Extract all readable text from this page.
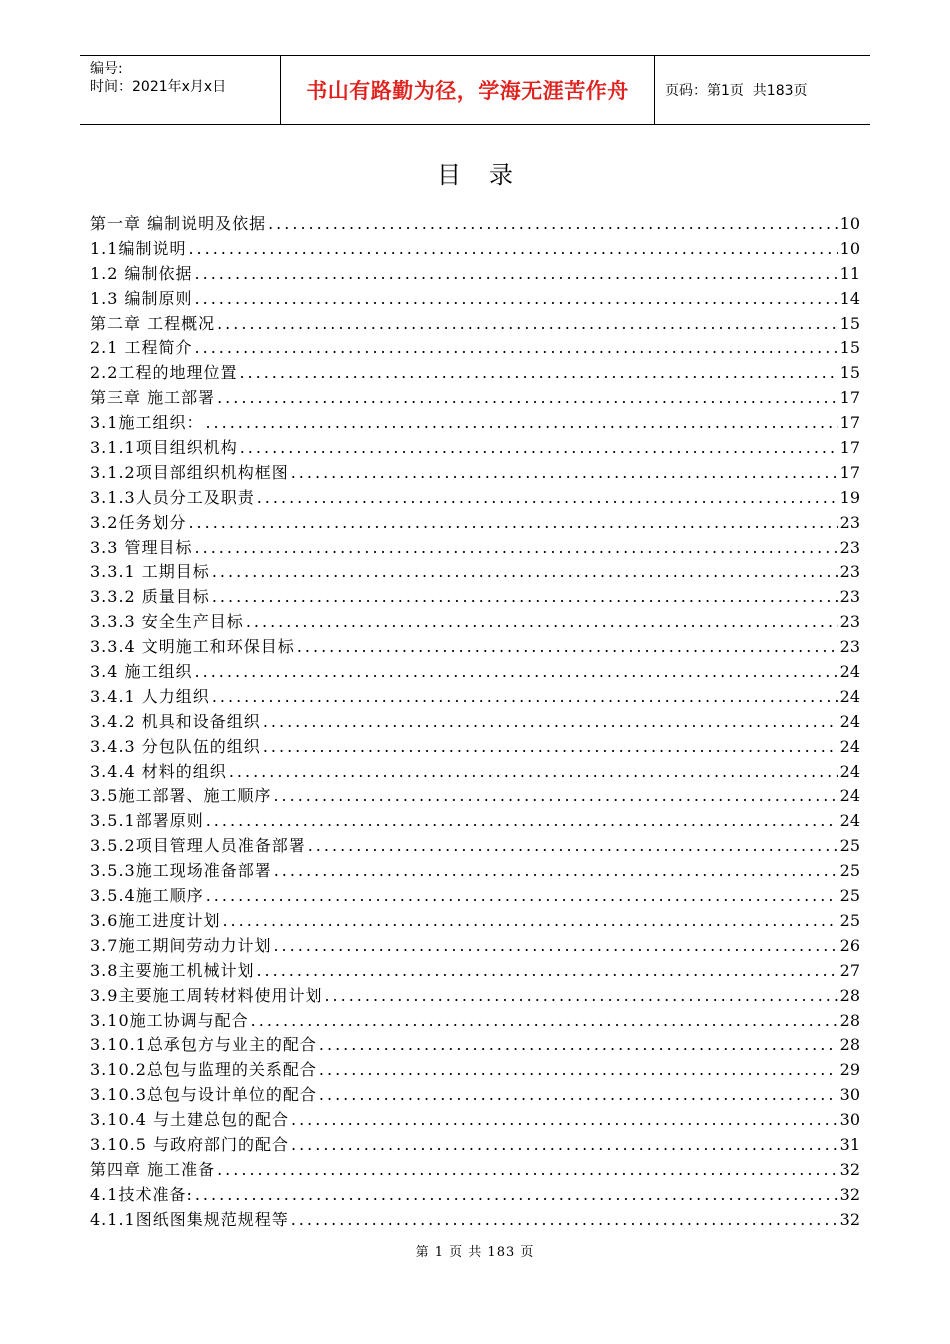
编号:
时间：2021年x月x日	书山有路勤为径，学海无涯苦作舟	页码：第1页  共183页
目录
第一章 编制说明及依据 .....	10
1.1编制说明 .....	10
1.2 编制依据 .....	11
1.3 编制原则 .....	14
第二章 工程概况 .....	15
2.1 工程简介 .....	15
2.2工程的地理位置 .....	15
第三章 施工部署 .....	17
3.1施工组织： .....	17
3.1.1项目组织机构 .....	17
3.1.2项目部组织机构框图 .....	17
3.1.3人员分工及职责 .....	19
3.2任务划分 .....	23
3.3 管理目标 .....	23
3.3.1 工期目标 .....	23
3.3.2 质量目标 .....	23
3.3.3 安全生产目标 .....	23
3.3.4 文明施工和环保目标 .....	23
3.4 施工组织 .....	24
3.4.1 人力组织 .....	24
3.4.2 机具和设备组织 .....	24
3.4.3 分包队伍的组织 .....	24
3.4.4 材料的组织 .....	24
3.5施工部署、施工顺序 .....	24
3.5.1部署原则 .....	24
3.5.2项目管理人员准备部署 .....	25
3.5.3施工现场准备部署 .....	25
3.5.4施工顺序 .....	25
3.6施工进度计划 .....	25
3.7施工期间劳动力计划 .....	26
3.8主要施工机械计划 .....	27
3.9主要施工周转材料使用计划 .....	28
3.10施工协调与配合 .....	28
3.10.1总承包方与业主的配合 .....	28
3.10.2总包与监理的关系配合 .....	29
3.10.3总包与设计单位的配合 .....	30
3.10.4 与土建总包的配合 .....	30
3.10.5 与政府部门的配合 .....	31
第四章 施工准备 .....	32
4.1技术准备: .....	32
4.1.1图纸图集规范规程等 .....	32
第 1 页 共 183 页
